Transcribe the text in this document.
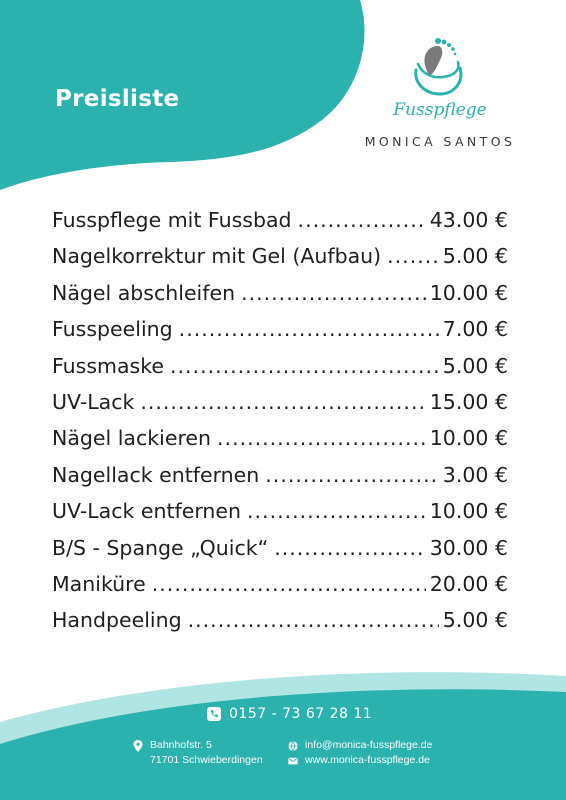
Preisliste	Fusspflege
MONICA SANTOS
Fusspflege mit Fussbad .....	43.00 €
Nagelkorrektur mit Gel (Aufbau) .....	5.00 €
Nägel abschleifen .....	10.00 €
Fusspeeling .....	7.00 €
Fussmaske .....	5.00 €
UV-Lack .....	15.00 €
Nägel lackieren .....	10.00 €
Nagellack entfernen .....	3.00 €
UV-Lack entfernen .....	10.00 €
B/S - Spange „Quick“ .....	30.00 €
Maniküre .....	20.00 €
Handpeeling .....	5.00 €
0157 - 73 67 28 11
Bahnhofstr. 5
71701 Schwieberdingen
info@monica-fusspflege.de
www.monica-fusspflege.de
